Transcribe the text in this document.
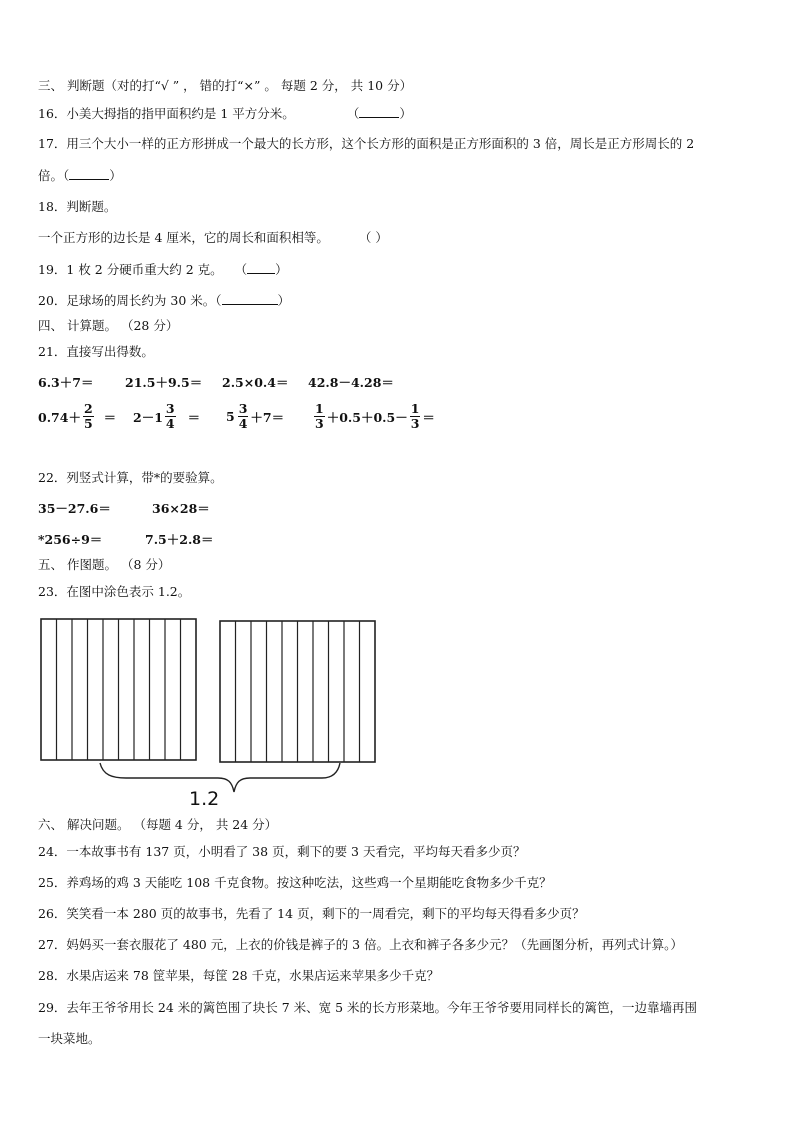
三、 判断题（对的打“√ ” ， 错的打“×” 。 每题 2 分， 共 10 分）
16．小美大拇指的指甲面积约是 1 平方分米。	（	）
17．用三个大小一样的正方形拼成一个最大的长方形，这个长方形的面积是正方形面积的 3 倍，周长是正方形周长的 2
倍。（	）
18．判断题。
一个正方形的边长是 4 厘米，它的周长和面积相等。 （ ）
19．1 枚 2 分硬币重大约 2 克。 （ ）
20．足球场的周长约为 30 米。（	）
四、 计算题。 （28 分）
21．直接写出得数。
6.3＋7＝	21.5＋9.5＝ 2.5×0.4＝ 42.8－4.28＝
$0.74+ \frac{2}{5} = 2-1 \frac{3}{4} = 5 \frac{3}{4} +7= \frac{1}{3} +0.5+0.5- \frac{1}{3}$ ＝
22．列竖式计算，带*的要验算。
35－27.6＝	36×28＝
*256÷9＝	7.5＋2.8＝
五、 作图题。 （8 分）
23．在图中涂色表示 1.2。
1.2
六、 解决问题。 （每题 4 分， 共 24 分）
24．一本故事书有 137 页，小明看了 38 页，剩下的要 3 天看完，平均每天看多少页？
25．养鸡场的鸡 3 天能吃 108 千克食物。按这种吃法，这些鸡一个星期能吃食物多少千克？
26．笑笑看一本 280 页的故事书，先看了 14 页，剩下的一周看完，剩下的平均每天得看多少页？
27．妈妈买一套衣服花了 480 元，上衣的价钱是裤子的 3 倍。上衣和裤子各多少元？（先画图分析，再列式计算。）
28．水果店运来 78 筐苹果，每筐 28 千克，水果店运来苹果多少千克？
29．去年王爷爷用长 24 米的篱笆围了块长 7 米、宽 5 米的长方形菜地。今年王爷爷要用同样长的篱笆，一边靠墙再围
一块菜地。
